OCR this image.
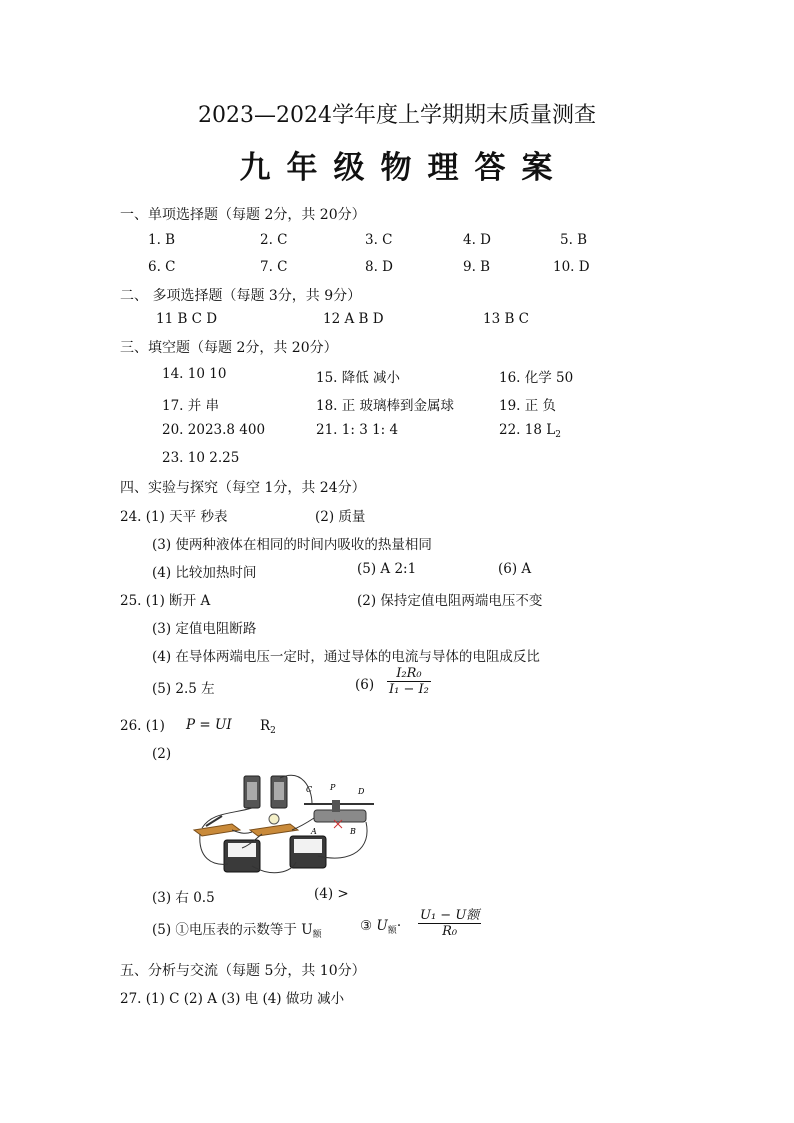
2023—2024学年度上学期期末质量测查
九年级物理答案
一、单项选择题（每题 2分，共 20分）
1. B	2. C	3. C	4. D	5. B
6. C	7. C	8. D	9. B	10. D
二、 多项选择题（每题 3分，共 9分）
11 B C D	12 A B D	13 B C
三、填空题（每题 2分，共 20分）
14. 10 10	15. 降低 减小	16. 化学 50
17. 并 串	18. 正 玻璃棒到金属球	19. 正 负
20. 2023.8 400	21. 1: 3 1: 4	22. 18 $L_2$
23. 10 2.25
四、实验与探究（每空 1分，共 24分）
24. (1) 天平 秒表	(2) 质量
(3) 使两种液体在相同的时间内吸收的热量相同
(4) 比较加热时间	(5) A 2:1	(6) A
25. (1) 断开 A	(2) 保持定值电阻两端电压不变
(3) 定值电阻断路
(4) 在导体两端电压一定时，通过导体的电流与导体的电阻成反比
(5) 2.5 左	$(6) \frac{\text{I₂R₀}}{\text{I₁ − I₂}}$
26. (1) P = UI $R_2$
(2)
C P	D
A	B
(3) 右 0.5	(4) >
(5) ①电压表的示数等于 $U_额$
③ $U_额\cdot$
U₁ − U额
R₀
五、分析与交流（每题 5分，共 10分）
27. (1) C (2) A (3) 电 (4) 做功 减小
